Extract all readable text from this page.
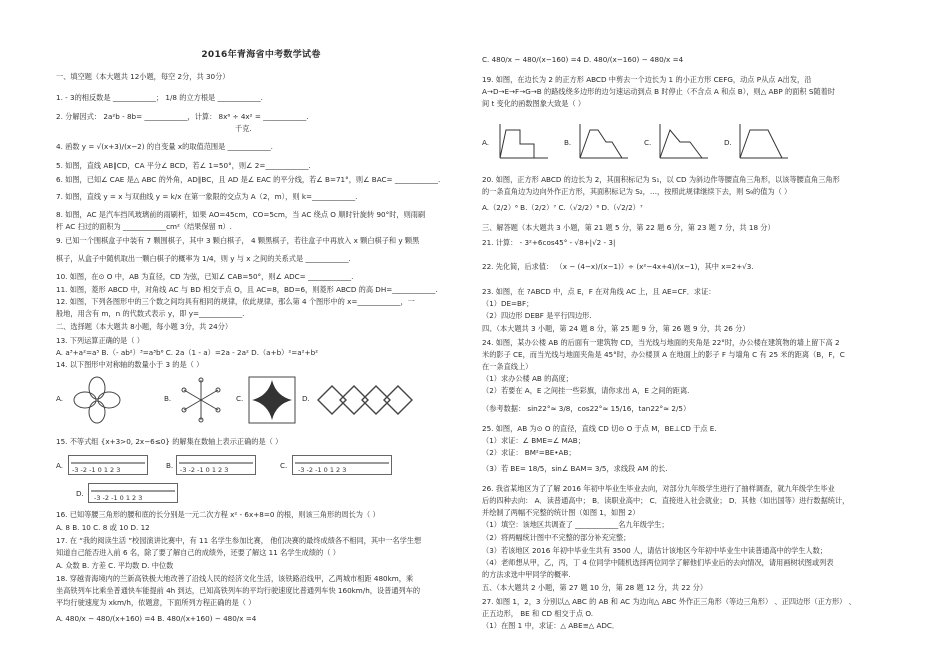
2016年青海省中考数学试卷
一、填空题（本大题共 12小题，每空 2分，共 30分）
1. - 3的相反数是 ____________； 1/8 的立方根是 ____________.
2. 分解因式： 2a²b - 8b= ____________，计算： 8x⁶ ÷ 4x² = ____________.
千克.
4. 函数 y = √(x+3)/(x−2) 的自变量 x的取值范围是 ____________.
5. 如图，直线 AB∥CD，CA 平分∠ BCD，若∠ 1=50°，则∠ 2=____________.
6. 如图，已知∠ CAE 是△ ABC 的外角，AD∥BC，且 AD 是∠ EAC 的平分线，若∠ B=71°，则∠ BAC= ____________.
7. 如图，直线 y = x 与双曲线 y = k/x 在第一象限的交点为 A（2，m），则 k=____________.
8. 如图，AC 是汽车挡风玻璃前的雨刷杆，如果 AO=45cm，CO=5cm，当 AC 绕点 O 顺时针旋转 90°时，则雨刷
杆 AC 扫过的面积为 ____________cm²（结果保留 π）.
9. 已知一个围棋盒子中装有 7 颗围棋子，其中 3 颗白棋子， 4 颗黑棋子，若往盒子中再放入 x 颗白棋子和 y 颗黑
棋子，从盒子中随机取出一颗白棋子的概率为 1/4，则 y 与 x 之间的关系式是 ____________.
10. 如图，在⊙ O 中，AB 为直径，CD 为弦，已知∠ CAB=50°，则∠ ADC= ____________.
11. 如图，菱形 ABCD 中，对角线 AC 与 BD 相交于点 O，且 AC=8，BD=6，则菱形 ABCD 的高 DH=____________.
12. 如图，下列各图形中的三个数之间均具有相同的规律，依此规律，那么第 4 个图形中的 x=____________，一
般地，用含有 m，n 的代数式表示 y，即 y=____________.
二、选择题（本大题共 8小题，每小题 3分，共 24分）
13. 下列运算正确的是（ ）
A. a³+a²=a⁵ B.（- ab²）³=a³b⁶ C. 2a（1 - a）=2a - 2a² D.（a+b）²=a²+b²
14. 以下图形中对称轴的数量小于 3 的是（ ）
15. 不等式组 {x+3>0, 2x−6≤0} 的解集在数轴上表示正确的是（ ）
16. 已知等腰三角形的腰和底的长分别是一元二次方程 x² - 6x+8=0 的根，则该三角形的周长为（ ）
A. 8 B. 10 C. 8 或 10 D. 12
17. 在 “我的阅读生活 ”校园演讲比赛中，有 11 名学生参加比赛， 他们决赛的最终成绩各不相同，其中一名学生想
知道自己能否进入前 6 名，除了要了解自己的成绩外，还要了解这 11 名学生成绩的（ ）
A. 众数 B. 方差 C. 平均数 D. 中位数
18. 穿越青海境内的兰新高铁极大地改善了沿线人民的经济文化生活，该铁路沿线甲，乙两城市相距 480km，乘
坐高铁列车比乘坐普通快车能提前 4h 到达，已知高铁列车的平均行驶速度比普通列车快 160km/h，设普通列车的
平均行驶速度为 xkm/h，依题意，下面所列方程正确的是（ ）
A. 480/x − 480/(x+160) =4 B. 480/(x+160) − 480/x =4
C. 480/x − 480/(x−160) =4 D. 480/(x−160) − 480/x =4
19. 如图，在边长为 2 的正方形 ABCD 中剪去一个边长为 1 的小正方形 CEFG，动点 P从点 A出发，沿
A→D→E→F→G→B 的路线绕多边形的边匀速运动到点 B 时停止（不含点 A 和点 B），则△ ABP 的面积 S随着时
间 t 变化的函数图象大致是（ ）
20. 如图，正方形 ABCD 的边长为 2，其面积标记为 S₁，以 CD 为斜边作等腰直角三角形，以该等腰直角三角形
的一条直角边为边向外作正方形，其面积标记为 S₂，…，按照此规律继续下去，则 S₉的值为（ ）
A.（2/2）⁶ B.（2/2）⁷ C.（√2/2）⁶ D.（√2/2）⁷
三、解答题（本大题共 3 小题，第 21 题 5 分，第 22 题 6 分，第 23 题 7 分，共 18 分）
21. 计算： - 3²+6cos45° - √8+|√2 - 3|
22. 先化简，后求值： （x − (4−x)/(x−1)）÷ (x²−4x+4)/(x−1)，其中 x=2+√3.
23. 如图，在 ?ABCD 中，点 E，F 在对角线 AC 上，且 AE=CF．求证：
（1）DE=BF；
（2）四边形 DEBF 是平行四边形.
四、（本大题共 3 小题，第 24 题 8 分，第 25 题 9 分，第 26 题 9 分，共 26 分）
24. 如图，某办公楼 AB 的后面有一建筑物 CD，当光线与地面的夹角是 22°时，办公楼在建筑物的墙上留下高 2
米的影子 CE，而当光线与地面夹角是 45°时，办公楼顶 A 在地面上的影子 F 与墙角 C 有 25 米的距离（B，F，C
在一条直线上）
（1）求办公楼 AB 的高度；
（2）若要在 A，E 之间挂一些彩旗，请你求出 A，E 之间的距离.
（参考数据： sin22°≈ 3/8，cos22°≈ 15/16，tan22°≈ 2/5）
25. 如图，AB 为⊙ O 的直径，直线 CD 切⊙ O 于点 M，BE⊥CD 于点 E.
（1）求证：∠ BME=∠ MAB；
（2）求证： BM²=BE•AB；
（3）若 BE= 18/5，sin∠ BAM= 3/5，求线段 AM 的长.
26. 我省某地区为了了解 2016 年初中毕业生毕业去向，对部分九年级学生进行了抽样调查，就九年级学生毕业
后的四种去向： A．读普通高中； B．读职业高中； C．直接进入社会就业； D．其他（如出国等）进行数据统计，
并绘制了两幅不完整的统计图（如图 1，如图 2）
（1）填空：该地区共调查了 ____________名九年级学生；
（2）将两幅统计图中不完整的部分补充完整；
（3）若该地区 2016 年初中毕业生共有 3500 人，请估计该地区今年初中毕业生中读普通高中的学生人数；
（4）老师想从甲，乙，丙，丁 4 位同学中随机选择两位同学了解他们毕业后的去向情况，请用画树状图或列表
的方法求选中甲同学的概率.
五、（本大题共 2 小题，第 27 题 10 分，第 28 题 12 分，共 22 分）
27. 如图 1，2，3 分别以△ ABC 的 AB 和 AC 为边向△ ABC 外作正三角形（等边三角形） 、正四边形（正方形） 、
正五边形， BE 和 CD 相交于点 O.
（1）在图 1 中，求证：△ ABE≌△ ADC．
A.	B.	C.	D.
A. -3 -2 -1 0 1 2 3	B. -3 -2 -1 0 1 2 3	C. -3 -2 -1 0 1 2 3
D. -3 -2 -1 0 1 2 3
A.	B.	C.	D.
